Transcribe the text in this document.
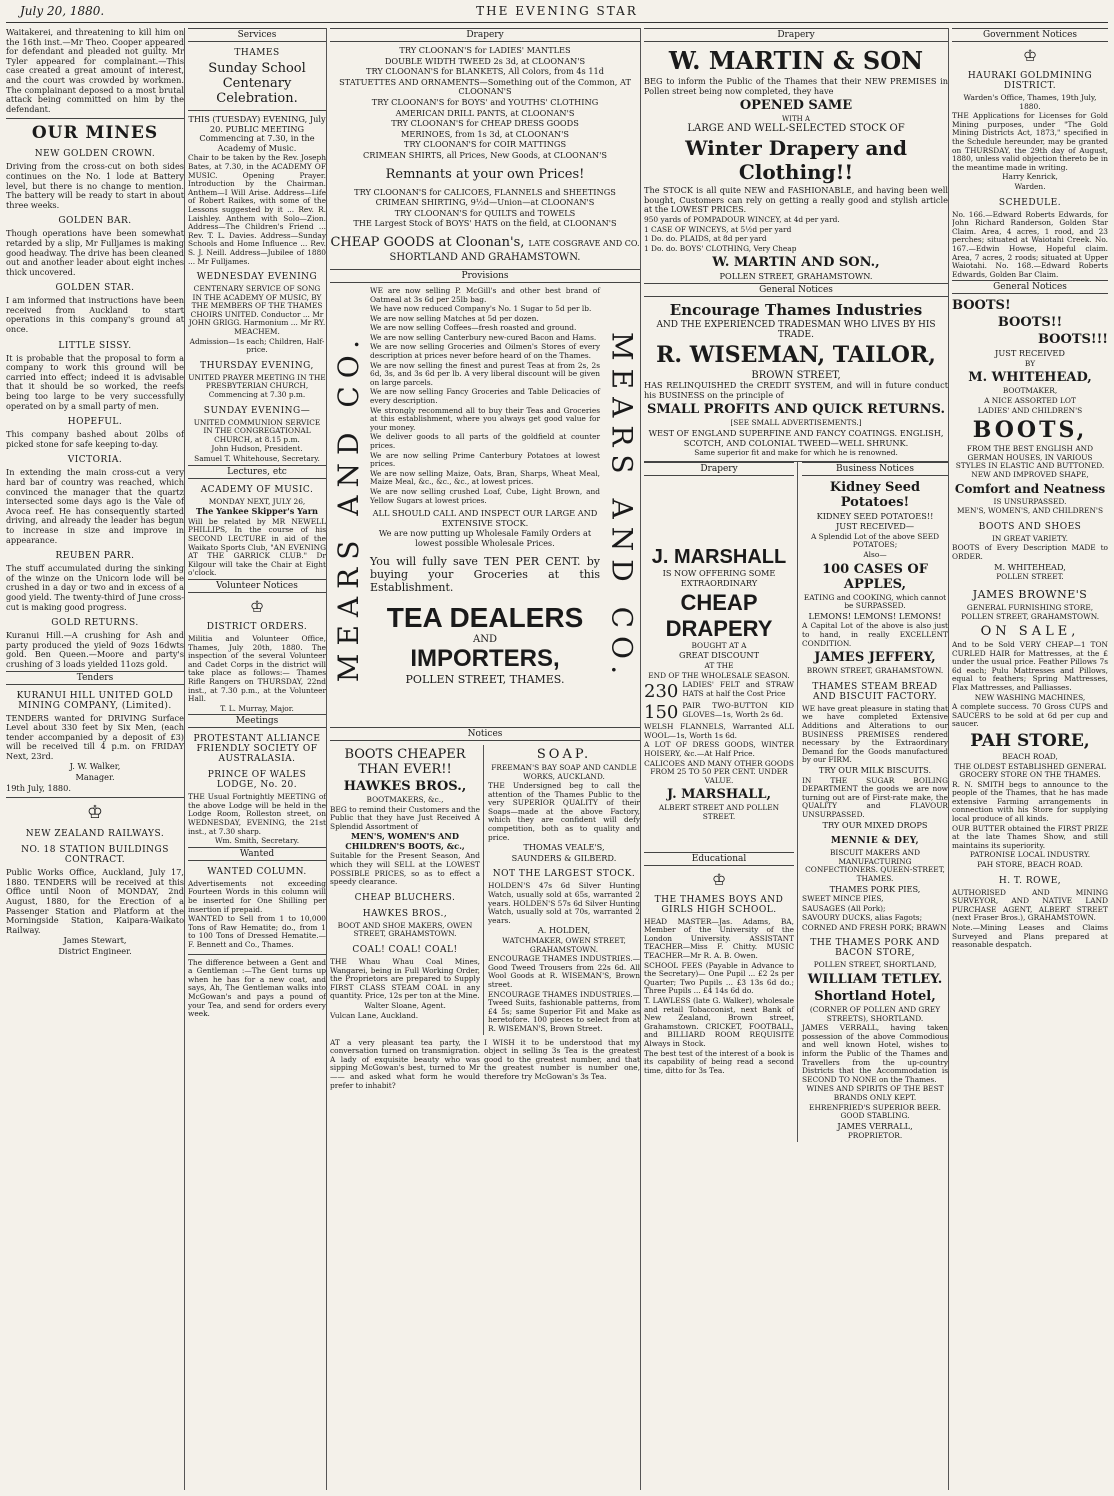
July 20, 1880.	THE EVENING STAR

Waitakerei, and threatening to kill him on the 16th inst.—Mr Theo. Cooper appeared for defendant and pleaded not guilty. Mr Tyler appeared for complainant.—This case created a great amount of interest, and the court was crowded by workmen. The complainant deposed to a most brutal attack being committed on him by the defendant.

OUR MINES
NEW GOLDEN CROWN.

Driving from the cross-cut on both sides continues on the No. 1 lode at Battery level, but there is no change to mention. The battery will be ready to start in about three weeks.

GOLDEN BAR.

Though operations have been somewhat retarded by a slip, Mr Fulljames is making good headway. The drive has been cleaned out and another leader about eight inches thick uncovered.

GOLDEN STAR.

I am informed that instructions have been received from Auckland to start operations in this company's ground at once.

LITTLE SISSY.

It is probable that the proposal to form a company to work this ground will be carried into effect; indeed it is advisable that it should be so worked, the reefs being too large to be very successfully operated on by a small party of men.

HOPEFUL.

This company bashed about 20lbs of picked stone for safe keeping to-day.

VICTORIA.

In extending the main cross-cut a very hard bar of country was reached, which convinced the manager that the quartz intersected some days ago is the Vale of Avoca reef. He has consequently started driving, and already the leader has begun to increase in size and improve in appearance.

REUBEN PARR.

The stuff accumulated during the sinking of the winze on the Unicorn lode will be crushed in a day or two and in excess of a good yield. The twenty-third of June cross-cut is making good progress.

GOLD RETURNS.

Kuranui Hill.—A crushing for Ash and party produced the yield of 9ozs 16dwts gold. Ben Queen.—Moore and party's crushing of 3 loads yielded 11ozs gold.

Tenders
KURANUI HILL UNITED GOLD MINING COMPANY, (Limited).

TENDERS wanted for DRIVING Surface Level about 330 feet by Six Men, (each tender accompanied by a deposit of £3) will be received till 4 p.m. on FRIDAY Next, 23rd.

J. W. Walker,

Manager.

19th July, 1880.

♔
NEW ZEALAND RAILWAYS.
NO. 18 STATION BUILDINGS CONTRACT.

Public Works Office, Auckland, July 17, 1880. TENDERS will be received at this Office until Noon of MONDAY, 2nd August, 1880, for the Erection of a Passenger Station and Platform at the Morningside Station, Kaipara-Waikato Railway.

James Stewart,

District Engineer.

Services
THAMES
Sunday School Centenary Celebration.

THIS (TUESDAY) EVENING, July 20. PUBLIC MEETING Commencing at 7.30, in the Academy of Music.

Chair to be taken by the Rev. Joseph Bates, at 7.30, in the ACADEMY OF MUSIC. Opening Prayer. Introduction by the Chairman. Anthem—I Will Arise. Address—Life of Robert Raikes, with some of the Lessons suggested by it ... Rev. R. Laishley. Anthem with Solo—Zion. Address—The Children's Friend ... Rev. T. L. Davies. Address—Sunday Schools and Home Influence ... Rev. S. J. Neill. Address—Jubilee of 1880 ... Mr Fulljames.

WEDNESDAY EVENING

CENTENARY SERVICE OF SONG IN THE ACADEMY OF MUSIC, BY THE MEMBERS OF THE THAMES CHOIRS UNITED. Conductor ... Mr JOHN GRIGG. Harmonium ... Mr RY. MEACHEM.

Admission—1s each; Children, Half-price.

THURSDAY EVENING,

UNITED PRAYER MEETING IN THE PRESBYTERIAN CHURCH, Commencing at 7.30 p.m.

SUNDAY EVENING—

UNITED COMMUNION SERVICE IN THE CONGREGATIONAL CHURCH, at 8.15 p.m.

John Hudson, President.

Samuel T. Whitehouse, Secretary.

Lectures, etc
ACADEMY OF MUSIC.

MONDAY NEXT, JULY 26,

The Yankee Skipper's Yarn

Will be related by MR NEWELL PHILLIPS, In the course of his SECOND LECTURE in aid of the Waikato Sports Club, "AN EVENING AT THE GARRICK CLUB." Dr Kilgour will take the Chair at Eight o'clock.

Volunteer Notices
♔
DISTRICT ORDERS.

Militia and Volunteer Office, Thames, July 20th, 1880. The inspection of the several Volunteer and Cadet Corps in the district will take place as follows:— Thames Rifle Rangers on THURSDAY, 22nd inst., at 7.30 p.m., at the Volunteer Hall.

T. L. Murray, Major.

Meetings
PROTESTANT ALLIANCE FRIENDLY SOCIETY OF AUSTRALASIA.
PRINCE OF WALES LODGE, No. 20.

THE Usual Fortnightly MEETING of the above Lodge will be held in the Lodge Room, Rolleston street, on WEDNESDAY, EVENING, the 21st inst., at 7.30 sharp.

Wm. Smith, Secretary.

Wanted
WANTED COLUMN.

Advertisements not exceeding Fourteen Words in this column will be inserted for One Shilling per insertion if prepaid.

WANTED to Sell from 1 to 10,000 Tons of Raw Hematite; do., from 1 to 100 Tons of Dressed Hematite.—F. Bennett and Co., Thames.

The difference between a Gent and a Gentleman :—The Gent turns up when he has for a new coat, and says, Ah, The Gentleman walks into McGowan's and pays a pound of your Tea, and send for orders every week.

Drapery

TRY CLOONAN'S for LADIES' MANTLES

DOUBLE WIDTH TWEED 2s 3d, at CLOONAN'S

TRY CLOONAN'S for BLANKETS, All Colors, from 4s 11d

STATUETTES AND ORNAMENTS—Something out of the Common, AT CLOONAN'S

TRY CLOONAN'S for BOYS' and YOUTHS' CLOTHING

AMERICAN DRILL PANTS, at CLOONAN'S

TRY CLOONAN'S for CHEAP DRESS GOODS

MERINOES, from 1s 3d, at CLOONAN'S

TRY CLOONAN'S for COIR MATTINGS

CRIMEAN SHIRTS, all Prices, New Goods, at CLOONAN'S

Remnants at your own Prices!

TRY CLOONAN'S for CALICOES, FLANNELS and SHEETINGS

CRIMEAN SHIRTING, 9½d—Union—at CLOONAN'S

TRY CLOONAN'S for QUILTS and TOWELS

THE Largest Stock of BOYS' HATS on the field, at CLOONAN'S

CHEAP GOODS at Cloonan's, LATE COSGRAVE AND CO.
SHORTLAND AND GRAHAMSTOWN.
Provisions
MEARS AND CO.	MEARS AND CO.

WE are now selling P. McGill's and other best brand of Oatmeal at 3s 6d per 25lb bag.

We have now reduced Company's No. 1 Sugar to 5d per lb.

We are now selling Matches at 5d per dozen.

We are now selling Coffees—fresh roasted and ground.

We are now selling Canterbury new-cured Bacon and Hams.

We are now selling Groceries and Oilmen's Stores of every description at prices never before heard of on the Thames.

We are now selling the finest and purest Teas at from 2s, 2s 6d, 3s, and 3s 6d per lb. A very liberal discount will be given on large parcels.

We are now selling Fancy Groceries and Table Delicacies of every description.

We strongly recommend all to buy their Teas and Groceries at this establishment, where you always get good value for your money.

We deliver goods to all parts of the goldfield at counter prices.

We are now selling Prime Canterbury Potatoes at lowest prices.

We are now selling Maize, Oats, Bran, Sharps, Wheat Meal, Maize Meal, &c., &c., &c., at lowest prices.

We are now selling crushed Loaf, Cube, Light Brown, and Yellow Sugars at lowest prices.

ALL SHOULD CALL AND INSPECT OUR LARGE AND EXTENSIVE STOCK.

We are now putting up Wholesale Family Orders at lowest possible Wholesale Prices.

You will fully save TEN PER CENT. by buying your Groceries at this Establishment.

TEA DEALERS
AND
IMPORTERS,
POLLEN STREET, THAMES.
Notices
BOOTS CHEAPER THAN EVER!!
HAWKES BROS.,

BOOTMAKERS, &c.,

BEG to remind their Customers and the Public that they have Just Received A Splendid Assortment of

MEN'S, WOMEN'S AND CHILDREN'S BOOTS, &c.,

Suitable for the Present Season, And which they will SELL at the LOWEST POSSIBLE PRICES, so as to effect a speedy clearance.

CHEAP BLUCHERS.
HAWKES BROS.,

BOOT AND SHOE MAKERS, OWEN STREET, GRAHAMSTOWN.

COAL! COAL! COAL!

THE Whau Whau Coal Mines, Wangarei, being in Full Working Order, the Proprietors are prepared to Supply FIRST CLASS STEAM COAL in any quantity. Price, 12s per ton at the Mine.

Walter Sloane, Agent.

Vulcan Lane, Auckland.

SOAP.

FREEMAN'S BAY SOAP AND CANDLE WORKS, AUCKLAND.

THE Undersigned beg to call the attention of the Thames Public to the very SUPERIOR QUALITY of their Soaps—made at the above Factory, which they are confident will defy competition, both as to quality and price.

THOMAS VEALE'S,

SAUNDERS & GILBERD.

NOT THE LARGEST STOCK.

HOLDEN'S 47s 6d Silver Hunting Watch, usually sold at 65s, warranted 2 years. HOLDEN'S 57s 6d Silver Hunting Watch, usually sold at 70s, warranted 2 years.

A. HOLDEN,

WATCHMAKER, OWEN STREET, GRAHAMSTOWN.

ENCOURAGE THAMES INDUSTRIES.—Good Tweed Trousers from 22s 6d. All Wool Goods at R. WISEMAN'S, Brown street.

ENCOURAGE THAMES INDUSTRIES.—Tweed Suits, fashionable patterns, from £4 5s; same Superior Fit and Make as heretofore. 100 pieces to select from at R. WISEMAN'S, Brown Street.

AT a very pleasant tea party, the conversation turned on transmigration. A lady of exquisite beauty who was sipping McGowan's best, turned to Mr —— and asked what form he would prefer to inhabit?

I WISH it to be understood that my object in selling 3s Tea is the greatest good to the greatest number, and that the greatest number is number one, therefore try McGowan's 3s Tea.

Drapery
W. MARTIN & SON

BEG to inform the Public of the Thames that their NEW PREMISES in Pollen street being now completed, they have

OPENED SAME
WITH A
LARGE AND WELL-SELECTED STOCK OF
Winter Drapery and Clothing!!

The STOCK is all quite NEW and FASHIONABLE, and having been well bought, Customers can rely on getting a really good and stylish article at the LOWEST PRICES.

950 yards of POMPADOUR WINCEY, at 4d per yard.

1 CASE OF WINCEYS, at 5½d per yard

1 Do. do. PLAIDS, at 8d per yard

1 Do. do. BOYS' CLOTHING, Very Cheap

W. MARTIN AND SON.,

POLLEN STREET, GRAHAMSTOWN.

General Notices
Encourage Thames Industries

AND THE EXPERIENCED TRADESMAN WHO LIVES BY HIS TRADE.

R. WISEMAN, TAILOR,
BROWN STREET,

HAS RELINQUISHED the CREDIT SYSTEM, and will in future conduct his BUSINESS on the principle of

SMALL PROFITS AND QUICK RETURNS.

[SEE SMALL ADVERTISEMENTS.]

WEST OF ENGLAND SUPERFINE AND FANCY COATINGS. ENGLISH, SCOTCH, AND COLONIAL TWEED—WELL SHRUNK.

Same superior fit and make for which he is renowned.

Drapery
J. MARSHALL

IS NOW OFFERING SOME

EXTRAORDINARY

CHEAP DRAPERY

BOUGHT AT A

GREAT DISCOUNT

AT THE

END OF THE WHOLESALE SEASON.

230 LADIES' FELT and STRAW HATS at half the Cost Price

150 PAIR TWO-BUTTON KID GLOVES—1s, Worth 2s 6d.

WELSH FLANNELS, Warranted ALL WOOL—1s, Worth 1s 6d.

A LOT OF DRESS GOODS, WINTER HOISERY, &c.—At Half Price.

CALICOES AND MANY OTHER GOODS FROM 25 TO 50 PER CENT. UNDER VALUE.

J. MARSHALL,

ALBERT STREET AND POLLEN STREET.

Educational
♔
THE THAMES BOYS AND GIRLS HIGH SCHOOL.

HEAD MASTER—Jas. Adams, BA, Member of the University of the London University. ASSISTANT TEACHER—Miss F. Chitty. MUSIC TEACHER—Mr R. A. B. Owen.

SCHOOL FEES (Payable in Advance to the Secretary)— One Pupil ... £2 2s per Quarter; Two Pupils ... £3 13s 6d do.; Three Pupils ... £4 14s 6d do.

T. LAWLESS (late G. Walker), wholesale and retail Tobacconist, next Bank of New Zealand, Brown street, Grahamstown. CRICKET, FOOTBALL, and BILLIARD ROOM REQUISITE Always in Stock.

The best test of the interest of a book is its capability of being read a second time, ditto for 3s Tea.

Business Notices
Kidney Seed Potatoes!

KIDNEY SEED POTATOES!!

JUST RECEIVED—

A Splendid Lot of the above SEED POTATOES;

Also—

100 CASES OF APPLES,

EATING and COOKING, which cannot be SURPASSED.

LEMONS! LEMONS! LEMONS!

A Capital Lot of the above is also just to hand, in really EXCELLENT CONDITION.

JAMES JEFFERY,

BROWN STREET, GRAHAMSTOWN.

THAMES STEAM BREAD AND BISCUIT FACTORY.

WE have great pleasure in stating that we have completed Extensive Additions and Alterations to our BUSINESS PREMISES rendered necessary by the Extraordinary Demand for the Goods manufactured by our FIRM.

TRY OUR MILK BISCUITS.

IN THE SUGAR BOILING DEPARTMENT the goods we are now turning out are of First-rate make, the QUALITY and FLAVOUR UNSURPASSED.

TRY OUR MIXED DROPS

MENNIE & DEY,

BISCUIT MAKERS AND MANUFACTURING CONFECTIONERS. QUEEN-STREET, THAMES.

THAMES PORK PIES,

SWEET MINCE PIES,

SAUSAGES (All Pork);

SAVOURY DUCKS, alias Fagots;

CORNED AND FRESH PORK; BRAWN

THE THAMES PORK AND BACON STORE,

POLLEN STREET, SHORTLAND,

WILLIAM TETLEY.
Shortland Hotel,

(CORNER OF POLLEN AND GREY STREETS), SHORTLAND.

JAMES VERRALL, having taken possession of the above Commodious and well known Hotel, wishes to inform the Public of the Thames and Travellers from the up-country Districts that the Accommodation is SECOND TO NONE on the Thames.

WINES AND SPIRITS OF THE BEST BRANDS ONLY KEPT.

EHRENFRIED'S SUPERIOR BEER. GOOD STABLING.

JAMES VERRALL,

PROPRIETOR.

Government Notices
♔
HAURAKI GOLDMINING DISTRICT.

Warden's Office, Thames, 19th July, 1880.

THE Applications for Licenses for Gold Mining purposes, under "The Gold Mining Districts Act, 1873," specified in the Schedule hereunder, may be granted on THURSDAY, the 29th day of August, 1880, unless valid objection thereto be in the meantime made in writing.

Harry Kenrick,

Warden.

SCHEDULE.

No. 166.—Edward Roberts Edwards, for John Richard Randerson, Golden Star Claim. Area, 4 acres, 1 rood, and 23 perches; situated at Waiotahi Creek. No. 167.—Edwin Howse, Hopeful claim. Area, 7 acres, 2 roods; situated at Upper Waiotahi. No. 168.—Edward Roberts Edwards, Golden Bar Claim.

General Notices
BOOTS!
BOOTS!!
BOOTS!!!

JUST RECEIVED

BY

M. WHITEHEAD,

BOOTMAKER,

A NICE ASSORTED LOT

LADIES' AND CHILDREN'S

BOOTS,

FROM THE BEST ENGLISH AND GERMAN HOUSES, IN VARIOUS STYLES IN ELASTIC AND BUTTONED. NEW AND IMPROVED SHAPE,

Comfort and Neatness

IS UNSURPASSED.

MEN'S, WOMEN'S, AND CHILDREN'S

BOOTS AND SHOES

IN GREAT VARIETY.

BOOTS of Every Description MADE to ORDER.

M. WHITEHEAD,

POLLEN STREET.

JAMES BROWNE'S

GENERAL FURNISHING STORE,

POLLEN STREET, GRAHAMSTOWN.

ON SALE,

And to be Sold VERY CHEAP—1 TON CURLED HAIR for Mattresses, at the £ under the usual price. Feather Pillows 7s 6d each; Pulu Mattresses and Pillows, equal to feathers; Spring Mattresses, Flax Mattresses, and Palliasses.

NEW WASHING MACHINES,

A complete success. 70 Gross CUPS and SAUCERS to be sold at 6d per cup and saucer.

PAH STORE,

BEACH ROAD,

THE OLDEST ESTABLISHED GENERAL GROCERY STORE ON THE THAMES.

R. N. SMITH begs to announce to the people of the Thames, that he has made extensive Farming arrangements in connection with his Store for supplying local produce of all kinds.

OUR BUTTER obtained the FIRST PRIZE at the late Thames Show, and still maintains its superiority.

PATRONISE LOCAL INDUSTRY.

PAH STORE, BEACH ROAD.

H. T. ROWE,

AUTHORISED AND MINING SURVEYOR, AND NATIVE LAND PURCHASE AGENT, ALBERT STREET (next Fraser Bros.), GRAHAMSTOWN.

Note.—Mining Leases and Claims Surveyed and Plans prepared at reasonable despatch.
